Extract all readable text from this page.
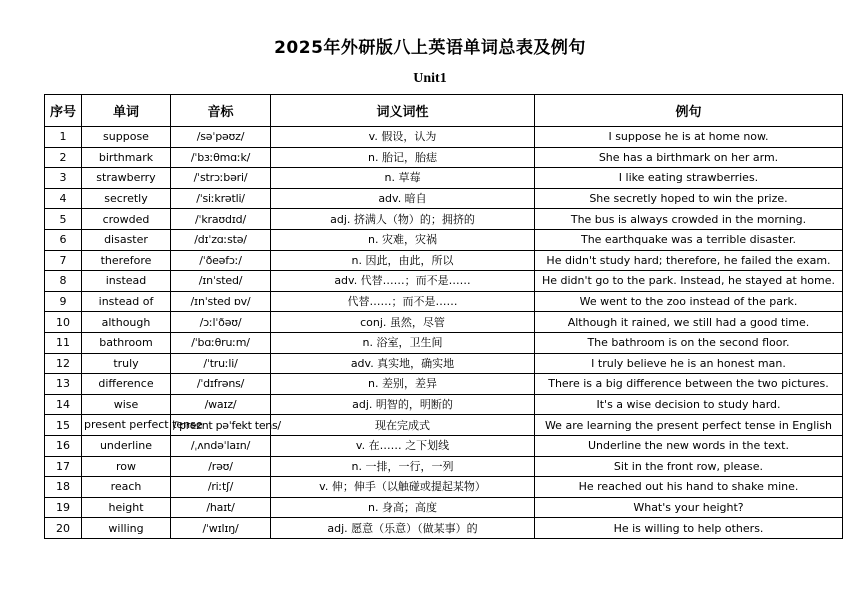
2025年外研版八上英语单词总表及例句
Unit1
序号	单词	音标	词义词性	例句
1	suppose	/səˈpəʊz/	v. 假设，认为	I suppose he is at home now.
2	birthmark	/ˈbɜːθmɑːk/	n. 胎记，胎痣	She has a birthmark on her arm.
3	strawberry	/ˈstrɔːbəri/	n. 草莓	I like eating strawberries.
4	secretly	/ˈsiːkrətli/	adv. 暗自	She secretly hoped to win the prize.
5	crowded	/ˈkraʊdɪd/	adj. 挤满人（物）的；拥挤的	The bus is always crowded in the morning.
6	disaster	/dɪˈzɑːstə/	n. 灾难，灾祸	The earthquake was a terrible disaster.
7	therefore	/ˈðeəfɔː/	n. 因此，由此，所以	He didn't study hard; therefore, he failed the exam.
8	instead	/ɪnˈsted/	adv. 代替……；而不是……	He didn't go to the park. Instead, he stayed at home.
9	instead of	/ɪnˈsted ɒv/	代替……；而不是……	We went to the zoo instead of the park.
10	although	/ɔːlˈðəʊ/	conj. 虽然，尽管	Although it rained, we still had a good time.
11	bathroom	/ˈbɑːθruːm/	n. 浴室，卫生间	The bathroom is on the second floor.
12	truly	/ˈtruːli/	adv. 真实地，确实地	I truly believe he is an honest man.
13	difference	/ˈdɪfrəns/	n. 差别，差异	There is a big difference between the two pictures.
14	wise	/waɪz/	adj. 明智的，明断的	It's a wise decision to study hard.
15	present perfect tense	/ˈpreznt pəˈfekt tens/	现在完成式	We are learning the present perfect tense in English
16	underline	/ˌʌndəˈlaɪn/	v. 在…… 之下划线	Underline the new words in the text.
17	row	/rəʊ/	n. 一排，一行，一列	Sit in the front row, please.
18	reach	/riːtʃ/	v. 伸；伸手（以触碰或提起某物）	He reached out his hand to shake mine.
19	height	/haɪt/	n. 身高；高度	What's your height?
20	willing	/ˈwɪlɪŋ/	adj. 愿意（乐意）（做某事）的	He is willing to help others.
